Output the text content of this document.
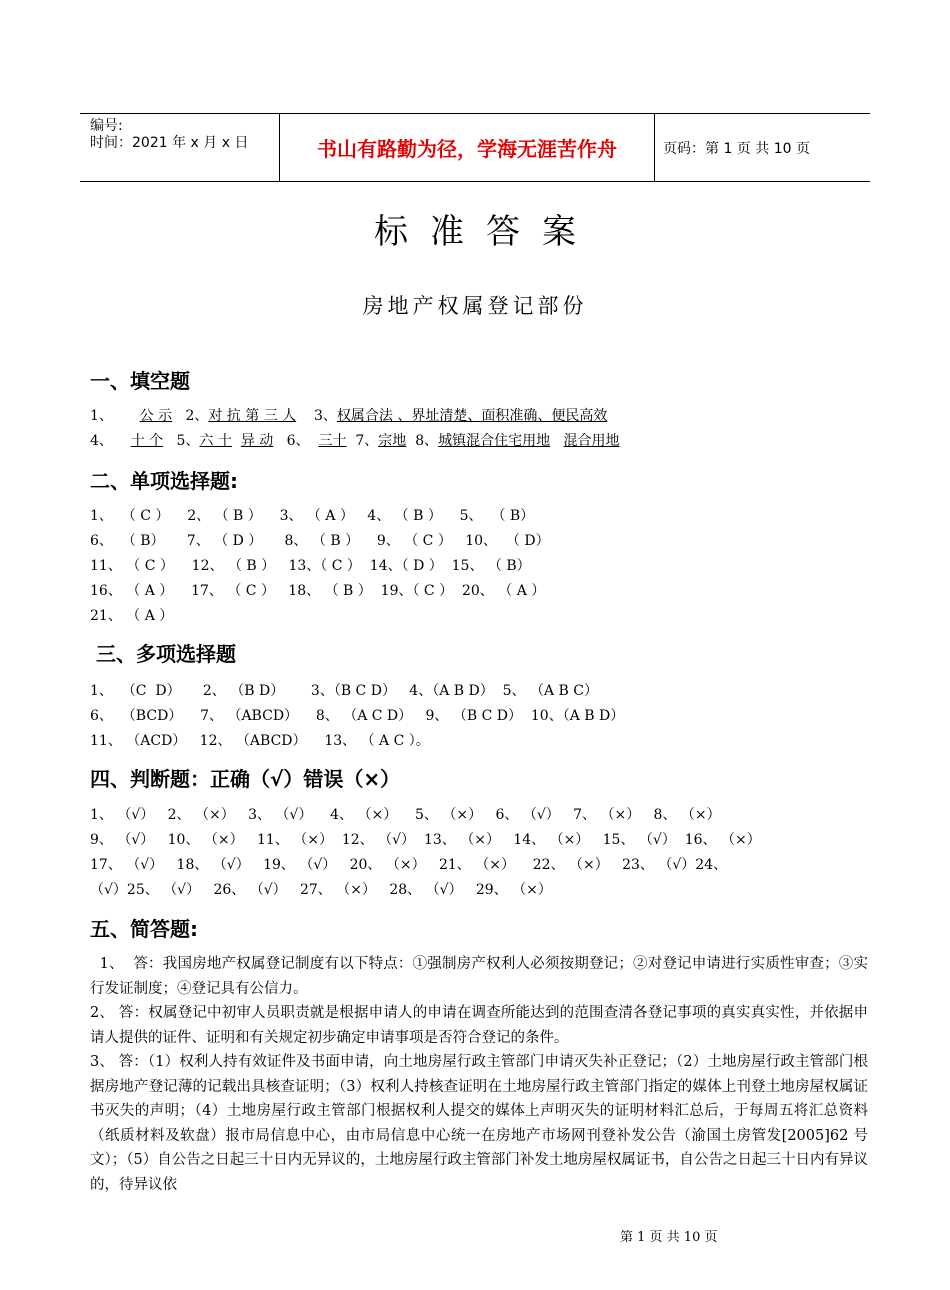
编号:
时间：2021 年 x 月 x 日	书山有路勤为径，学海无涯苦作舟	页码：第 1 页 共 10 页
标准答案
房地产权属登记部份
一、填空题
1、 公 示 2、对 抗 第 三 人 3、权属合法 、界址清楚、面积准确、便民高效
4、 十 个 5、六 十 异 动 6、 三十 7、宗地 8、城镇混合住宅用地 混合用地
二、单项选择题:
1、  （ C ）    2、 （ B ）    3、 （ A ）   4、 （ B ）    5、  （ B）
6、  （ B）     7、 （ D ）     8、 （ B ）    9、 （ C ）   10、  （ D）
11、 （ C ）    12、 （ B ）   13、（ C ）  14、（ D ）  15、 （ B）
16、 （ A ）    17、 （ C ）   18、 （ B ）  19、（ C ）  20、 （ A ）
21、 （ A ）
三、多项选择题
1、  （C  D）     2、 （B D）      3、（B C D）   4、（A B D）  5、 （A B C）
6、  （BCD）    7、 （ABCD）    8、 （A C D）   9、 （B C D）  10、（A B D）
11、 （ACD）   12、 （ABCD）    13、 （ A C ）。
四、判断题：正确（√）错误（×）
1、 （√）   2、 （×）   3、 （√）    4、 （×）    5、 （×）   6、 （√）   7、 （×）   8、 （×）
9、 （√）   10、 （×）   11、 （×）  12、 （√）  13、 （×）   14、 （×）   15、 （√）  16、 （×）
17、 （√）   18、 （√）   19、 （√）   20、 （×）   21、 （×）    22、 （×）   23、 （√）24、
（√）25、 （√）   26、 （√）   27、 （×）   28、 （√）   29、 （×）
五、简答题:

1、  答：我国房地产权属登记制度有以下特点：①强制房产权利人必须按期登记；②对登记申请进行实质性审查；③实行发证制度；④登记具有公信力。

2、 答：权属登记中初审人员职责就是根据申请人的申请在调查所能达到的范围查清各登记事项的真实真实性，并依据申请人提供的证件、证明和有关规定初步确定申请事项是否符合登记的条件。

3、 答：（1）权利人持有效证件及书面申请，向土地房屋行政主管部门申请灭失补正登记；（2）土地房屋行政主管部门根据房地产登记薄的记载出具核查证明；（3）权利人持核查证明在土地房屋行政主管部门指定的媒体上刊登土地房屋权属证书灭失的声明；（4）土地房屋行政主管部门根据权利人提交的媒体上声明灭失的证明材料汇总后，于每周五将汇总资料（纸质材料及软盘）报市局信息中心，由市局信息中心统一在房地产市场网刊登补发公告（渝国土房管发[2005]62 号文）；（5）自公告之日起三十日内无异议的，土地房屋行政主管部门补发土地房屋权属证书，自公告之日起三十日内有异议的，待异议依

第 1 页 共 10 页
